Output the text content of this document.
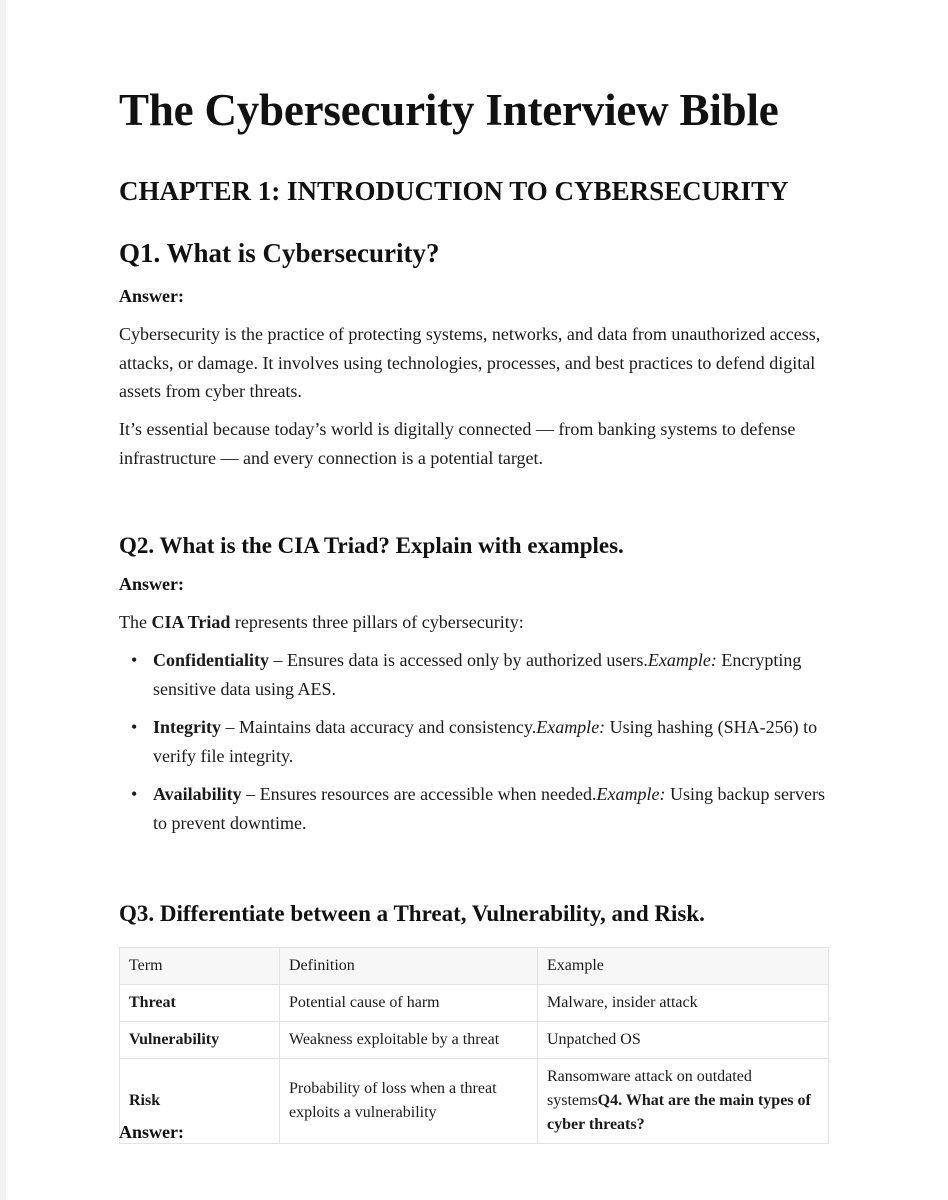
The Cybersecurity Interview Bible
CHAPTER 1: INTRODUCTION TO CYBERSECURITY
Q1. What is Cybersecurity?
Answer:

Cybersecurity is the practice of protecting systems, networks, and data from unauthorized access, attacks, or damage. It involves using technologies, processes, and best practices to defend digital assets from cyber threats.

It’s essential because today’s world is digitally connected — from banking systems to defense infrastructure — and every connection is a potential target.

Q2. What is the CIA Triad? Explain with examples.
Answer:

The CIA Triad represents three pillars of cybersecurity:

• Confidentiality – Ensures data is accessed only by authorized users.Example: Encrypting sensitive data using AES.
• Integrity – Maintains data accuracy and consistency.Example: Using hashing (SHA-256) to verify file integrity.
• Availability – Ensures resources are accessible when needed.Example: Using backup servers to prevent downtime.
Q3. Differentiate between a Threat, Vulnerability, and Risk.
Term	Definition	Example
Threat	Potential cause of harm	Malware, insider attack
Vulnerability	Weakness exploitable by a threat	Unpatched OS
Risk	Probability of loss when a threat exploits a vulnerability	Ransomware attack on outdated systemsQ4. What are the main types of cyber threats?
Answer:
